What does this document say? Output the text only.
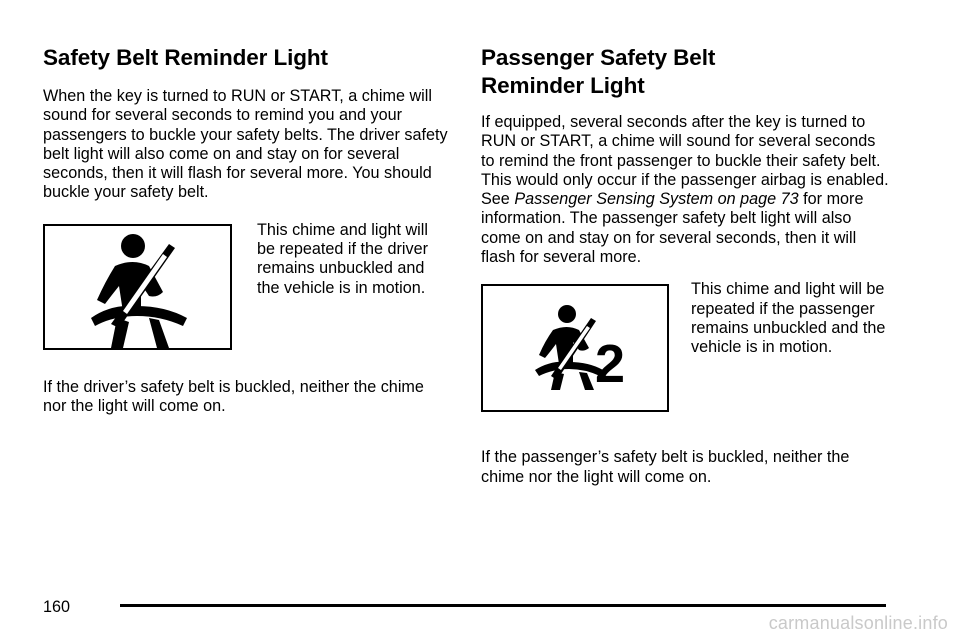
Safety Belt Reminder Light

When the key is turned to RUN or START, a chime will sound for several seconds to remind you and your passengers to buckle your safety belts. The driver safety belt light will also come on and stay on for several seconds, then it will flash for several more. You should buckle your safety belt.

This chime and light will be repeated if the driver remains unbuckled and the vehicle is in motion.

If the driver’s safety belt is buckled, neither the chime nor the light will come on.

Passenger Safety Belt
Reminder Light

If equipped, several seconds after the key is turned to RUN or START, a chime will sound for several seconds to remind the front passenger to buckle their safety belt. This would only occur if the passenger airbag is enabled. See Passenger Sensing System on page 73 for more information. The passenger safety belt light will also come on and stay on for several seconds, then it will flash for several more.

2

This chime and light will be repeated if the passenger remains unbuckled and the vehicle is in motion.

If the passenger’s safety belt is buckled, neither the chime nor the light will come on.

160
carmanualsonline.info
